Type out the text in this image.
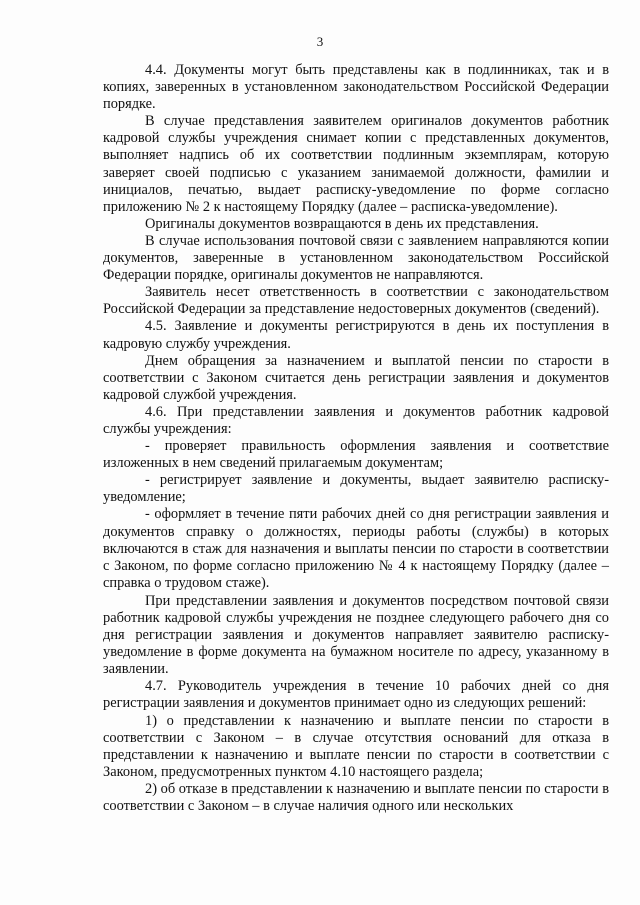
3

4.4. Документы могут быть представлены как в подлинниках, так и в копиях, заверенных в установленном законодательством Российской Федерации порядке.

В случае представления заявителем оригиналов документов работник кадровой службы учреждения снимает копии с представленных документов, выполняет надпись об их соответствии подлинным экземплярам, которую заверяет своей подписью с указанием занимаемой должности, фамилии и инициалов, печатью, выдает расписку-уведомление по форме согласно приложению № 2 к настоящему Порядку (далее – расписка-уведомление).

Оригиналы документов возвращаются в день их представления.

В случае использования почтовой связи с заявлением направляются копии документов, заверенные в установленном законодательством Российской Федерации порядке, оригиналы документов не направляются.

Заявитель несет ответственность в соответствии с законодательством Российской Федерации за представление недостоверных документов (сведений).

4.5. Заявление и документы регистрируются в день их поступления в кадровую службу учреждения.

Днем обращения за назначением и выплатой пенсии по старости в соответствии с Законом считается день регистрации заявления и документов кадровой службой учреждения.

4.6. При представлении заявления и документов работник кадровой службы учреждения:

- проверяет правильность оформления заявления и соответствие изложенных в нем сведений прилагаемым документам;

- регистрирует заявление и документы, выдает заявителю расписку-уведомление;

- оформляет в течение пяти рабочих дней со дня регистрации заявления и документов справку о должностях, периоды работы (службы) в которых включаются в стаж для назначения и выплаты пенсии по старости в соответствии с Законом, по форме согласно приложению № 4 к настоящему Порядку (далее – справка о трудовом стаже).

При представлении заявления и документов посредством почтовой связи работник кадровой службы учреждения не позднее следующего рабочего дня со дня регистрации заявления и документов направляет заявителю расписку-уведомление в форме документа на бумажном носителе по адресу, указанному в заявлении.

4.7. Руководитель учреждения в течение 10 рабочих дней со дня регистрации заявления и документов принимает одно из следующих решений:

1) о представлении к назначению и выплате пенсии по старости в соответствии с Законом – в случае отсутствия оснований для отказа в представлении к назначению и выплате пенсии по старости в соответствии с Законом, предусмотренных пунктом 4.10 настоящего раздела;

2) об отказе в представлении к назначению и выплате пенсии по старости в соответствии с Законом – в случае наличия одного или нескольких
